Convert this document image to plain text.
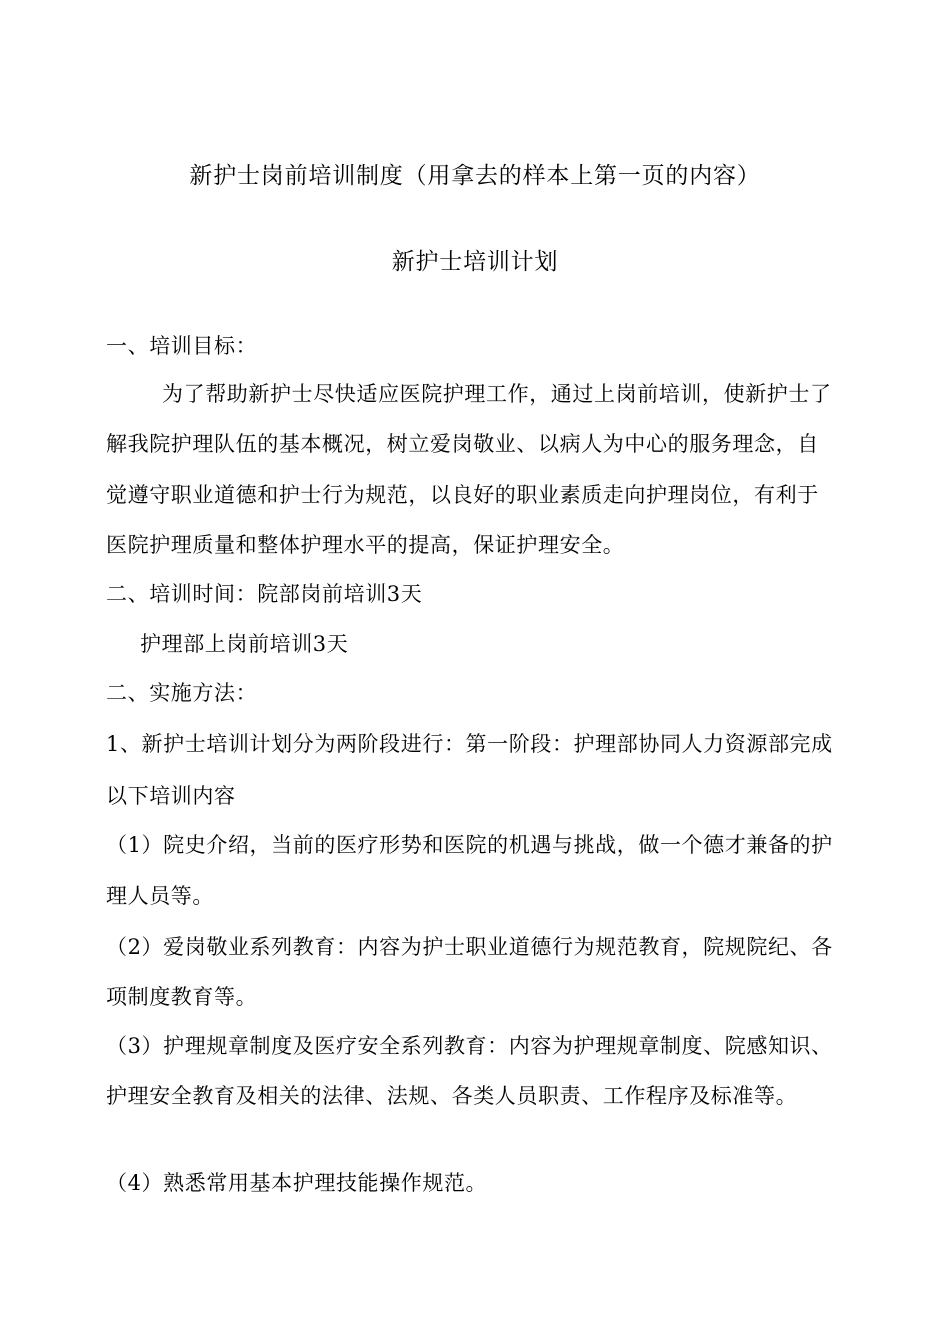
新护士岗前培训制度（用拿去的样本上第一页的内容）
新护士培训计划
一、培训目标：
为了帮助新护士尽快适应医院护理工作，通过上岗前培训，使新护士了
解我院护理队伍的基本概况，树立爱岗敬业、以病人为中心的服务理念，自
觉遵守职业道德和护士行为规范，以良好的职业素质走向护理岗位，有利于
医院护理质量和整体护理水平的提高，保证护理安全。
二、培训时间：院部岗前培训3天
护理部上岗前培训3天
二、实施方法：
1、新护士培训计划分为两阶段进行：第一阶段：护理部协同人力资源部完成
以下培训内容
（1）院史介绍，当前的医疗形势和医院的机遇与挑战，做一个德才兼备的护
理人员等。
（2）爱岗敬业系列教育：内容为护士职业道德行为规范教育，院规院纪、各
项制度教育等。
（3）护理规章制度及医疗安全系列教育：内容为护理规章制度、院感知识、
护理安全教育及相关的法律、法规、各类人员职责、工作程序及标准等。
（4）熟悉常用基本护理技能操作规范。
